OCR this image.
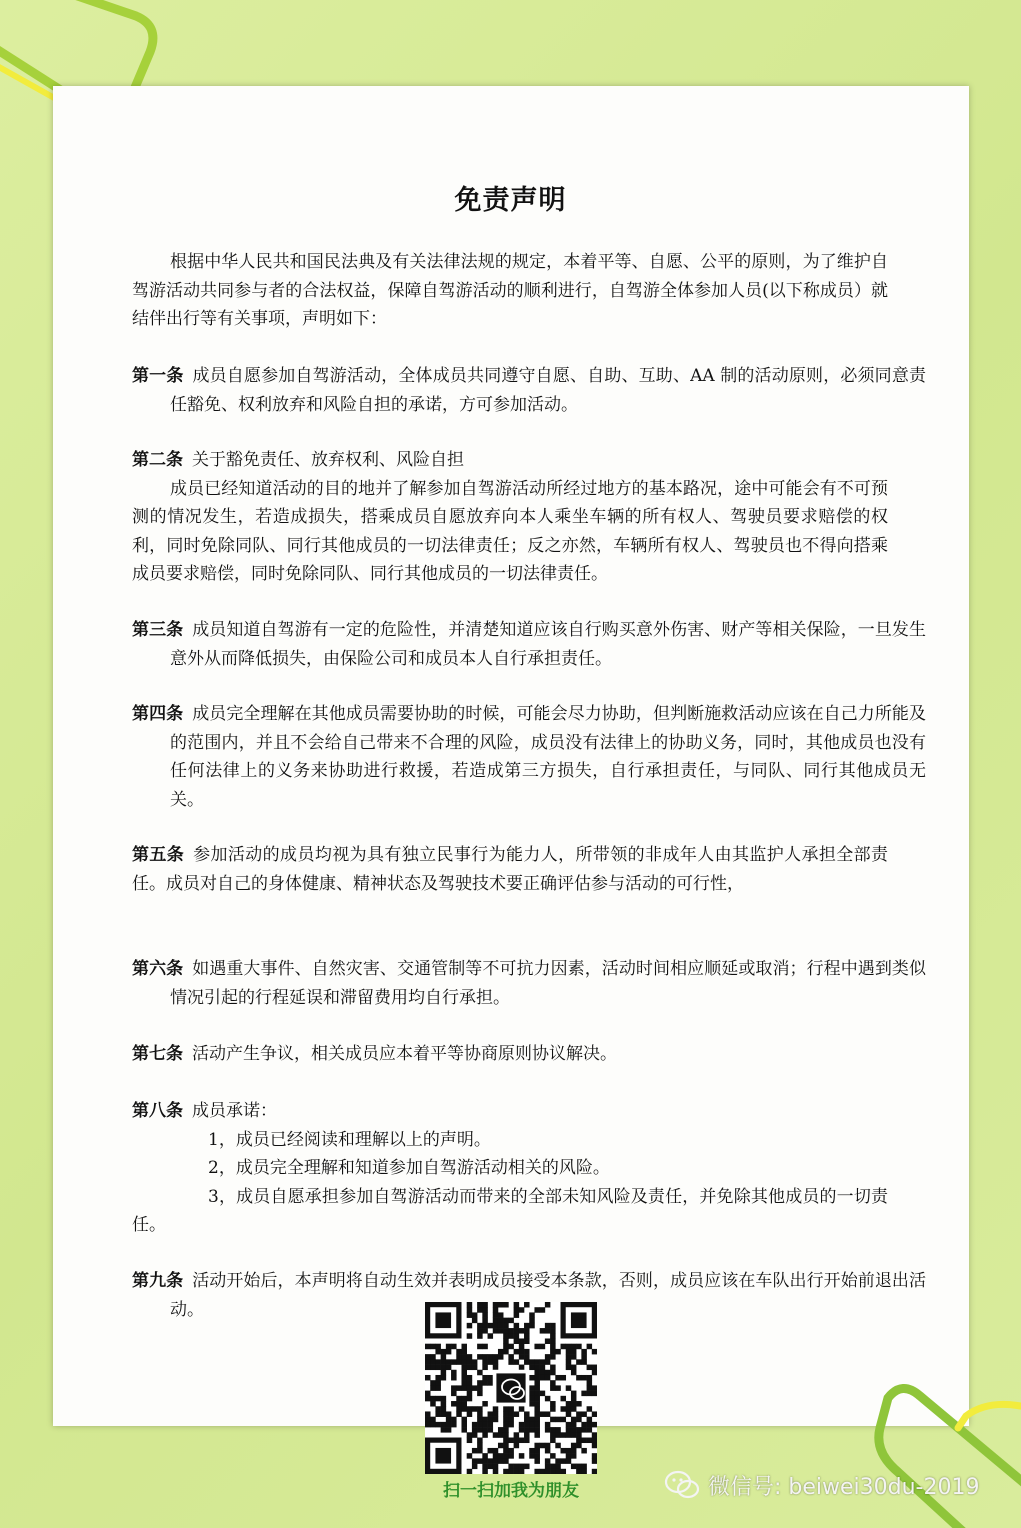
免责声明
根据中华人民共和国民法典及有关法律法规的规定，本着平等、自愿、公平的原则，为了维护自驾游活动共同参与者的合法权益，保障自驾游活动的顺利进行，自驾游全体参加人员(以下称成员）就结伴出行等有关事项，声明如下：
第一条 成员自愿参加自驾游活动，全体成员共同遵守自愿、自助、互助、AA 制的活动原则，必须同意责任豁免、权利放弃和风险自担的承诺，方可参加活动。
第二条 关于豁免责任、放弃权利、风险自担
成员已经知道活动的目的地并了解参加自驾游活动所经过地方的基本路况，途中可能会有不可预测的情况发生，若造成损失，搭乘成员自愿放弃向本人乘坐车辆的所有权人、驾驶员要求赔偿的权利，同时免除同队、同行其他成员的一切法律责任；反之亦然，车辆所有权人、驾驶员也不得向搭乘成员要求赔偿，同时免除同队、同行其他成员的一切法律责任。
第三条 成员知道自驾游有一定的危险性，并清楚知道应该自行购买意外伤害、财产等相关保险，一旦发生意外从而降低损失，由保险公司和成员本人自行承担责任。
第四条 成员完全理解在其他成员需要协助的时候，可能会尽力协助，但判断施救活动应该在自己力所能及的范围内，并且不会给自己带来不合理的风险，成员没有法律上的协助义务，同时，其他成员也没有任何法律上的义务来协助进行救援，若造成第三方损失，自行承担责任，与同队、同行其他成员无关。
第五条 参加活动的成员均视为具有独立民事行为能力人，所带领的非成年人由其监护人承担全部责任。成员对自己的身体健康、精神状态及驾驶技术要正确评估参与活动的可行性，
第六条 如遇重大事件、自然灾害、交通管制等不可抗力因素，活动时间相应顺延或取消；行程中遇到类似情况引起的行程延误和滞留费用均自行承担。
第七条 活动产生争议，相关成员应本着平等协商原则协议解决。
第八条 成员承诺：
1，成员已经阅读和理解以上的声明。
2，成员完全理解和知道参加自驾游活动相关的风险。
3，成员自愿承担参加自驾游活动而带来的全部未知风险及责任，并免除其他成员的一切责任。
第九条 活动开始后，本声明将自动生效并表明成员接受本条款，否则，成员应该在车队出行开始前退出活动。
扫一扫加我为朋友	微信号: beiwei30du-2019
